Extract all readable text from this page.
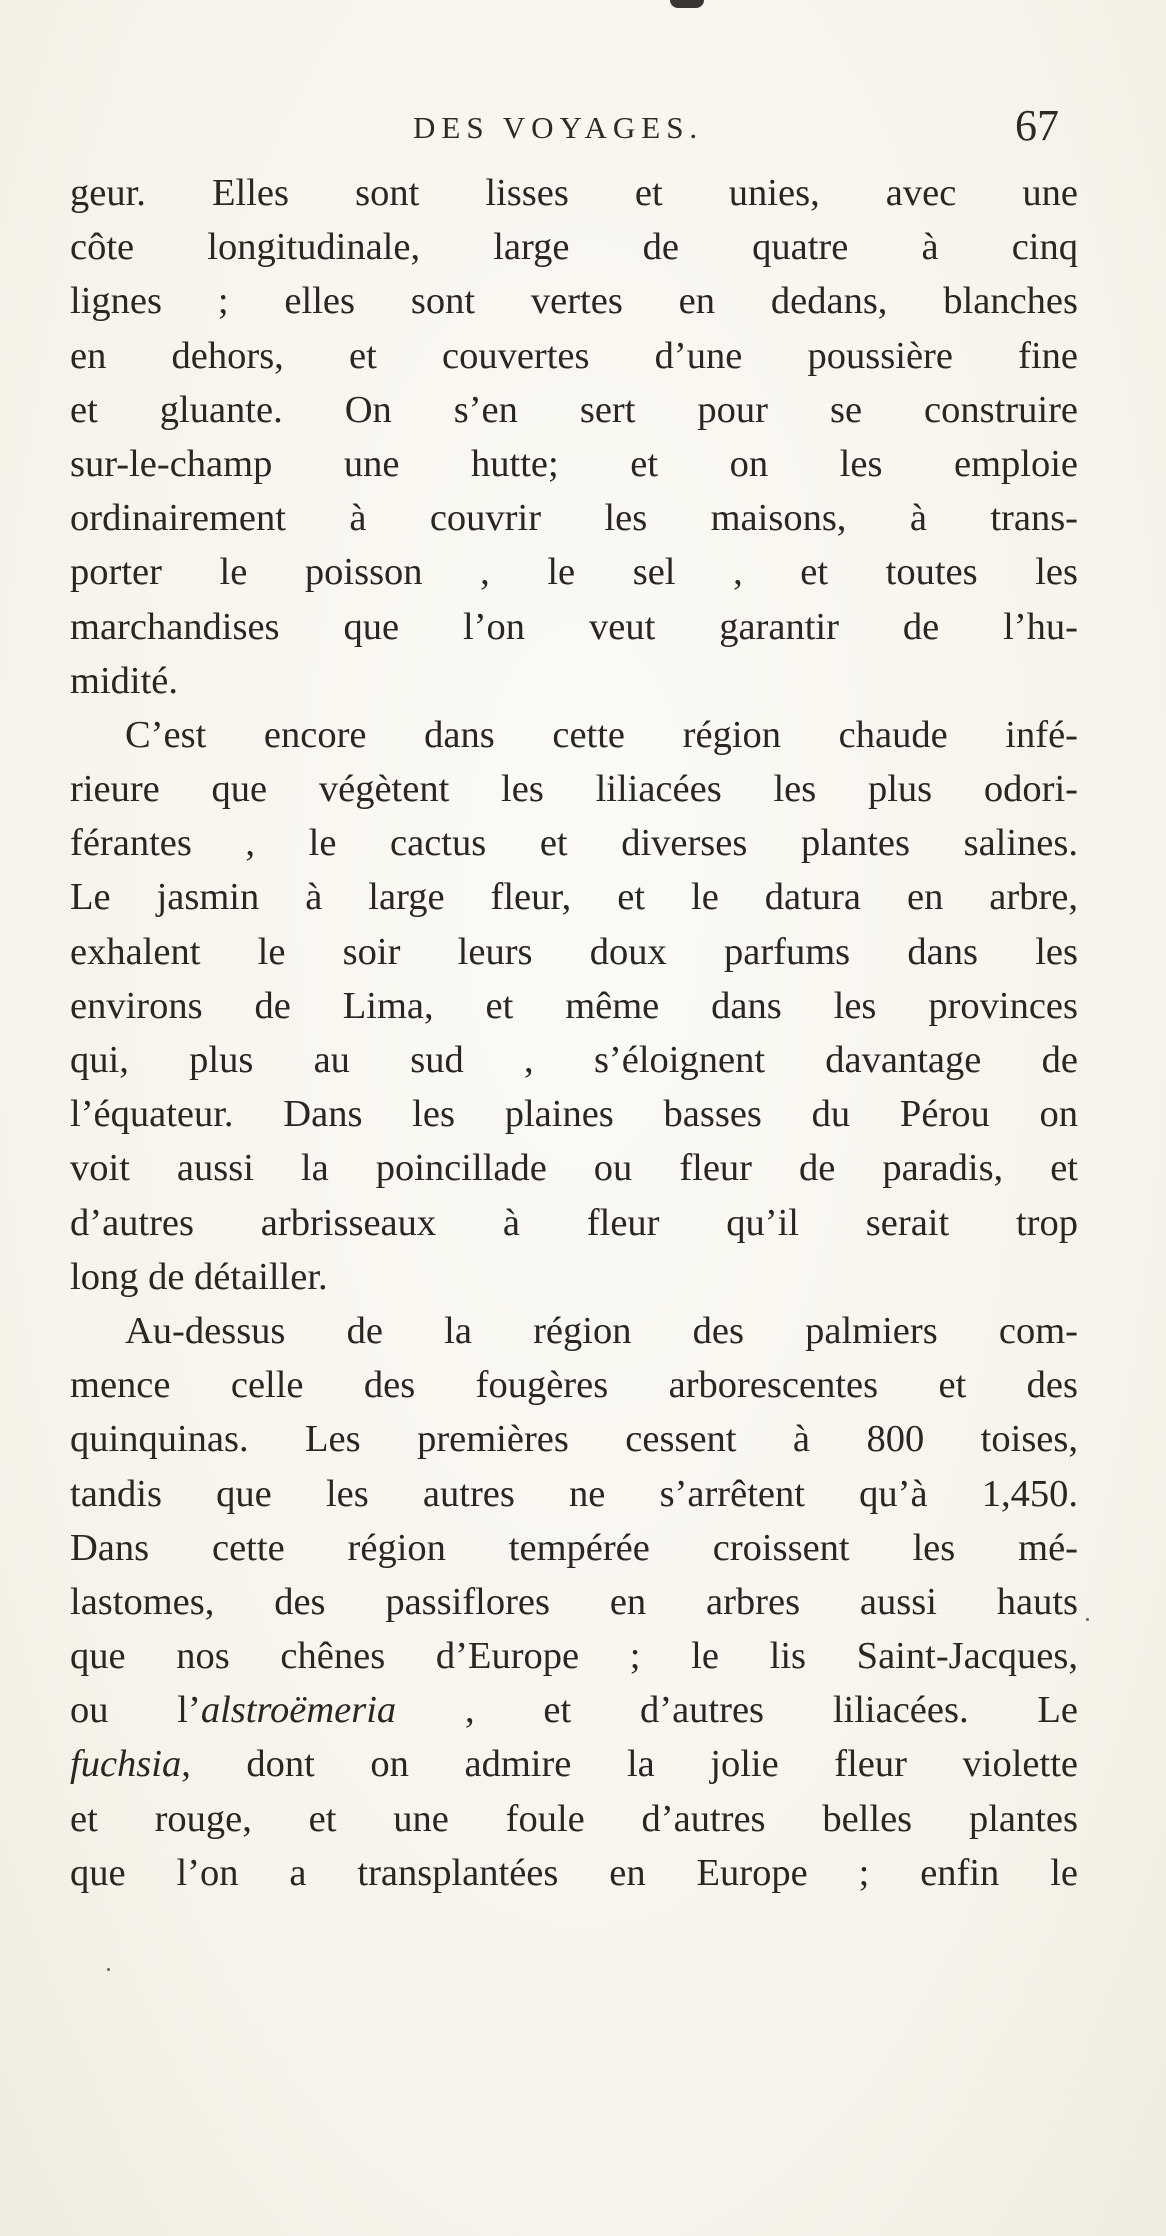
DES VOYAGES.	67
geur. Elles sont lisses et unies, avec une
côte longitudinale, large de quatre à cinq
lignes ; elles sont vertes en dedans, blanches
en dehors, et couvertes d’une poussière fine
et gluante. On s’en sert pour se construire
sur-le-champ une hutte; et on les emploie
ordinairement à couvrir les maisons, à trans-
porter le poisson , le sel , et toutes les
marchandises que l’on veut garantir de l’hu-
midité.
C’est encore dans cette région chaude infé-
rieure que végètent les liliacées les plus odori-
férantes , le cactus et diverses plantes salines.
Le jasmin à large fleur, et le datura en arbre,
exhalent le soir leurs doux parfums dans les
environs de Lima, et même dans les provinces
qui, plus au sud , s’éloignent davantage de
l’équateur. Dans les plaines basses du Pérou on
voit aussi la poincillade ou fleur de paradis, et
d’autres arbrisseaux à fleur qu’il serait trop
long de détailler.
Au-dessus de la région des palmiers com-
mence celle des fougères arborescentes et des
quinquinas. Les premières cessent à 800 toises,
tandis que les autres ne s’arrêtent qu’à 1,450.
Dans cette région tempérée croissent les mé-
lastomes, des passiflores en arbres aussi hauts
que nos chênes d’Europe ; le lis Saint-Jacques,
ou l’alstroëmeria , et d’autres liliacées. Le
fuchsia, dont on admire la jolie fleur violette
et rouge, et une foule d’autres belles plantes
que l’on a transplantées en Europe ; enfin le
